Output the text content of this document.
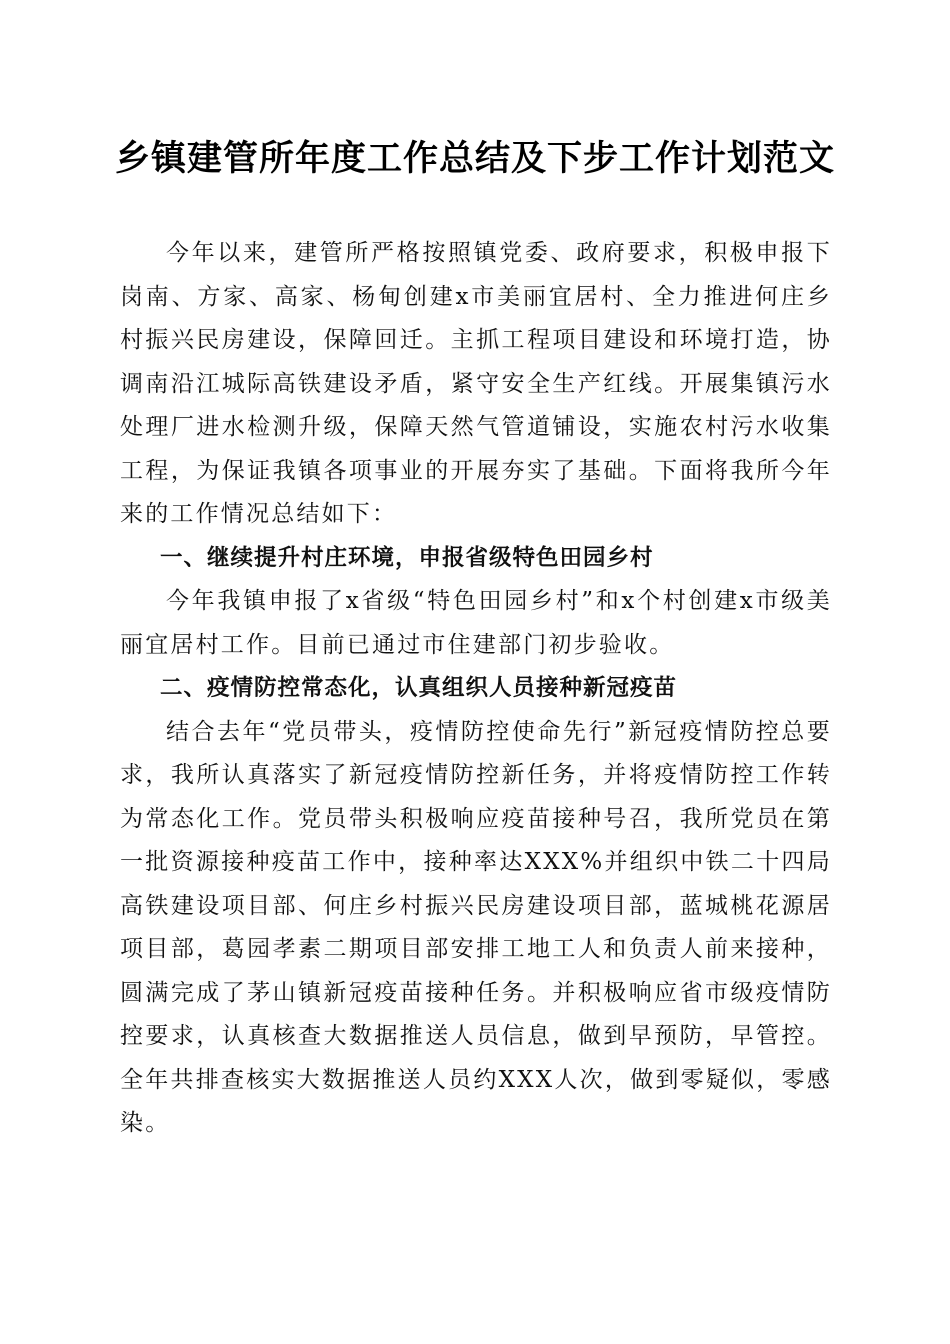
乡镇建管所年度工作总结及下步工作计划范文

今年以来，建管所严格按照镇党委、政府要求，积极申报下岗南、方家、高家、杨甸创建x市美丽宜居村、全力推进何庄乡村振兴民房建设，保障回迁。主抓工程项目建设和环境打造，协调南沿江城际高铁建设矛盾，紧守安全生产红线。开展集镇污水处理厂进水检测升级，保障天然气管道铺设，实施农村污水收集工程，为保证我镇各项事业的开展夯实了基础。下面将我所今年来的工作情况总结如下：

一、继续提升村庄环境，申报省级特色田园乡村

今年我镇申报了x省级“特色田园乡村”和x个村创建x市级美丽宜居村工作。目前已通过市住建部门初步验收。

二、疫情防控常态化，认真组织人员接种新冠疫苗

结合去年“党员带头，疫情防控使命先行”新冠疫情防控总要求，我所认真落实了新冠疫情防控新任务，并将疫情防控工作转为常态化工作。党员带头积极响应疫苗接种号召，我所党员在第一批资源接种疫苗工作中，接种率达XXX%并组织中铁二十四局高铁建设项目部、何庄乡村振兴民房建设项目部，蓝城桃花源居项目部，葛园孝素二期项目部安排工地工人和负责人前来接种，圆满完成了茅山镇新冠疫苗接种任务。并积极响应省市级疫情防控要求，认真核查大数据推送人员信息，做到早预防，早管控。全年共排查核实大数据推送人员约XXX人次，做到零疑似，零感染。
